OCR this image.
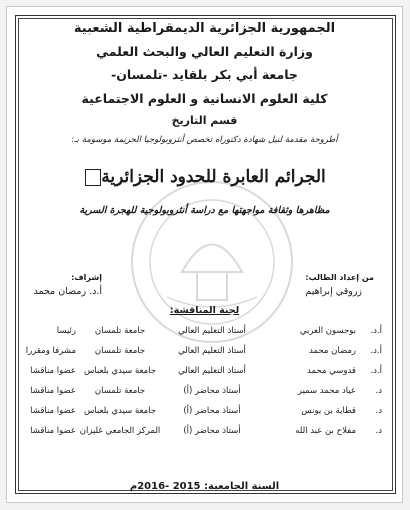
الجمهورية الجزائرية الديمقراطية الشعبية
وزارة التعليم العالي والبحث العلمي
جامعة أبي بكر بلقايد -تلمسان-
كلية العلوم الانسانية و العلوم الاجتماعية
قسم التاريخ
أطروحة مقدمة لنيل شهادة دكتوراه تخصص أنثروبولوجيا الجريمة موسومة بـ:
الجرائم العابرة للحدود الجزائرية
مظاهرها وثقافة مواجهتها مع دراسة أنثروبولوجية للهجرة السرية
من إعداد الطالب:
إشراف:
زروقي إبراهيم
أ.د. رمضان محمد
لجنة المناقشة:
أ.د.
بوحسون العربي
أستاذ التعليم العالي
جامعة تلمسان
رئيسا
أ.د.
رمضان محمد
أستاذ التعليم العالي
جامعة تلمسان
مشرفا ومقررا
أ.د.
قدوسي محمد
أستاذ التعليم العالي
جامعة سيدي بلعباس
عضوا مناقشا
د.
عياد محمد سمير
أستاذ محاضر (أ)
جامعة تلمسان
عضوا مناقشا
د.
قطاية بن يونس
أستاذ محاضر (أ)
جامعة سيدي بلعباس
عضوا مناقشا
د.
مفلاح بن عبد الله
أستاذ محاضر (أ)
المركز الجامعي غليزان
عضوا مناقشا
السنة الجامعية: 2015 -2016م
